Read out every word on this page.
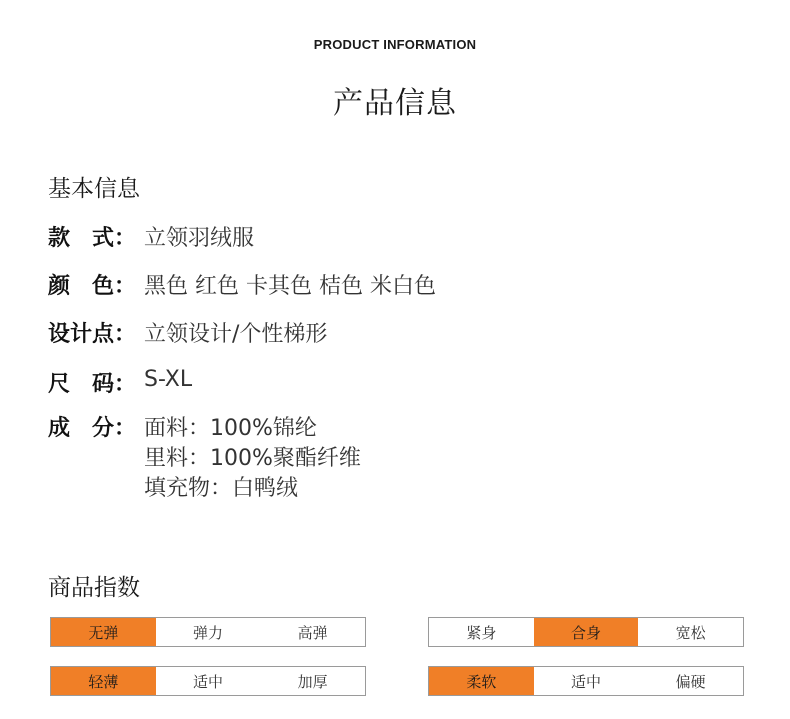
PRODUCT INFORMATION
产品信息
基本信息
款　式： 立领羽绒服
颜　色： 黑色 红色 卡其色 桔色 米白色
设计点： 立领设计/个性梯形
尺　码： S-XL
成　分： 面料：100%锦纶
里料：100%聚酯纤维
填充物：白鸭绒
商品指数
无弹	弹力	高弹	紧身	合身	宽松
轻薄	适中	加厚	柔软	适中	偏硬
